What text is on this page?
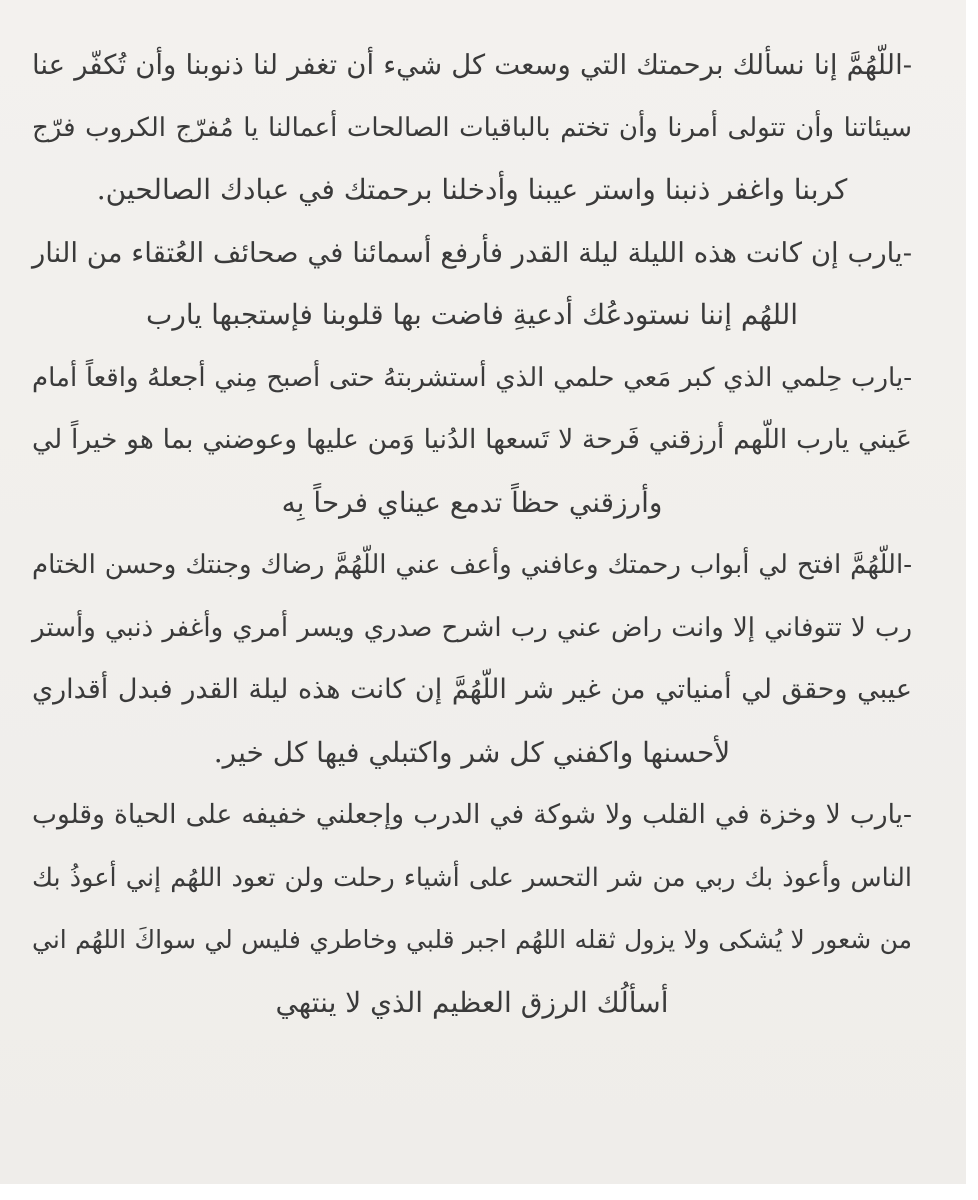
-اللّهُمَّ إنا نسألك برحمتك التي وسعت كل شيء أن تغفر لنا ذنوبنا وأن تُكفّر عنا
سيئاتنا وأن تتولى أمرنا وأن تختم بالباقيات الصالحات أعمالنا يا مُفرّج الكروب فرّج
كربنا واغفر ذنبنا واستر عيبنا وأدخلنا برحمتك في عبادك الصالحين.
-يارب إن كانت هذه الليلة ليلة القدر فأرفع أسمائنا في صحائف العُتقاء من النار
اللهُم إننا نستودعُك أدعيةِ فاضت بها قلوبنا فإستجبها يارب
-يارب حِلمي الذي كبر مَعي حلمي الذي أستشربتهُ حتى أصبح مِني أجعلهُ واقعاً أمام
عَيني يارب اللّهم أرزقني فَرحة لا تَسعها الدُنيا وَمن عليها وعوضني بما هو خيراً لي
وأرزقني حظاً تدمع عيناي فرحاً بِه
-اللّهُمَّ افتح لي أبواب رحمتك وعافني وأعف عني اللّهُمَّ رضاك وجنتك وحسن الختام
رب لا تتوفاني إلا وانت راض عني رب اشرح صدري ويسر أمري وأغفر ذنبي وأستر
عيبي وحقق لي أمنياتي من غير شر اللّهُمَّ إن كانت هذه ليلة القدر فبدل أقداري
لأحسنها واكفني كل شر واكتبلي فيها كل خير.
-يارب لا وخزة في القلب ولا شوكة في الدرب وإجعلني خفيفه على الحياة وقلوب
الناس وأعوذ بك ربي من شر التحسر على أشياء رحلت ولن تعود اللهُم إني أعوذُ بك
من شعور لا يُشكى ولا يزول ثقله اللهُم اجبر قلبي وخاطري فليس لي سواكَ اللهُم اني
أسألُك الرزق العظيم الذي لا ينتهي
